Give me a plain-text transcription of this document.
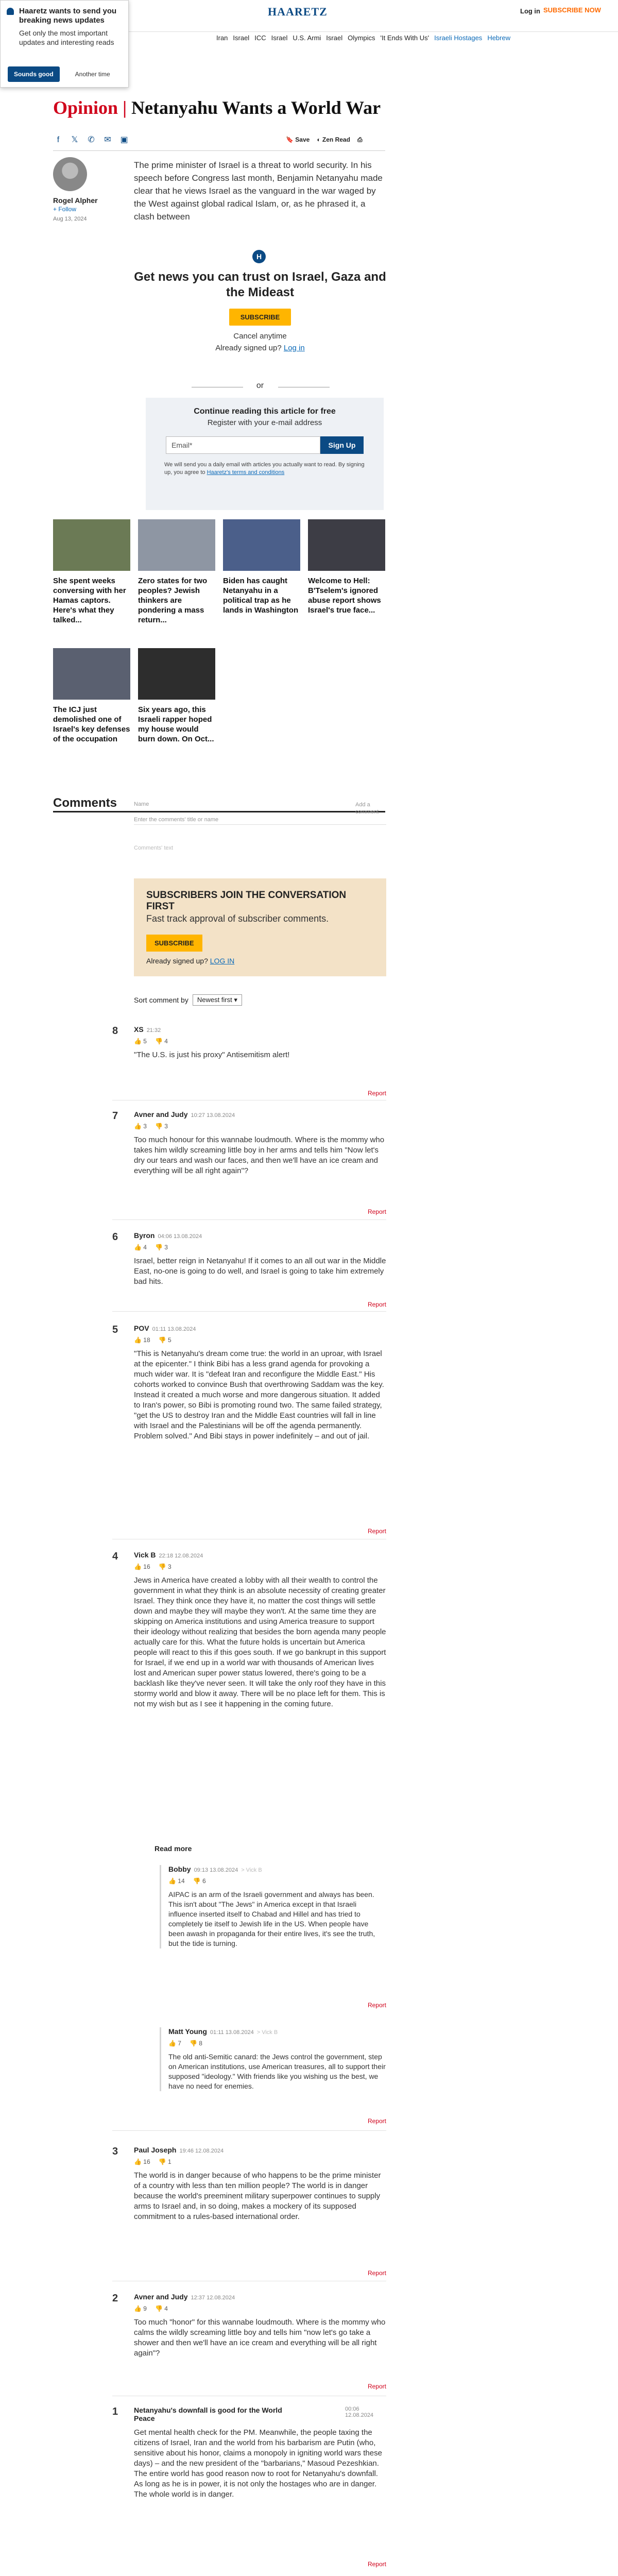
HAARETZ	Log in SUBSCRIBE NOW
Iran Israel ICC Israel U.S. Armi Israel Olympics 'It Ends With Us' Israeli Hostages Hebrew
Haaretz wants to send you breaking news updates
Get only the most important updates and interesting reads
Sounds good	Another time
Opinion | Netanyahu Wants a World War
f	𝕏 ✆ ✉ ▣	🔖 Save ◐ Zen Read ⎙
Rogel Alpher
+ Follow
Aug 13, 2024
The prime minister of Israel is a threat to world security. In his speech before Congress last month, Benjamin Netanyahu made clear that he views Israel as the vanguard in the war waged by the West against global radical Islam, or, as he phrased it, a clash between
H
Get news you can trust on Israel, Gaza and the Mideast
SUBSCRIBE
Cancel anytime
Already signed up? Log in
or
Continue reading this article for free
Register with your e-mail address
Email*	Sign Up
We will send you a daily email with articles you actually want to read. By signing up, you agree to Haaretz's terms and conditions
She spent weeks conversing with her Hamas captors. Here's what they talked...
Zero states for two peoples? Jewish thinkers are pondering a mass return...
Biden has caught Netanyahu in a political trap as he lands in Washington
Welcome to Hell: B'Tselem's ignored abuse report shows Israel's true face...
The ICJ just demolished one of Israel's key defenses of the occupation
Six years ago, this Israeli rapper hoped my house would burn down. On Oct...
Comments	Name	Add a comment
Enter the comments' title or name
Comments' text
SUBSCRIBERS JOIN THE CONVERSATION FIRST
Fast track approval of subscriber comments.
SUBSCRIBE
Already signed up? LOG IN
Sort comment by	Newest first ▾
8 XS 21:32
👍 5 👎 4
"The U.S. is just his proxy" Antisemitism alert!
Report
7 Avner and Judy 10:27 13.08.2024
👍 3 👎 3
Too much honour for this wannabe loudmouth. Where is the mommy who takes him wildly screaming little boy in her arms and tells him "Now let's dry our tears and wash our faces, and then we'll have an ice cream and everything will be all right again"?
Report
6 Byron 04:06 13.08.2024
👍 4 👎 3
Israel, better reign in Netanyahu! If it comes to an all out war in the Middle East, no-one is going to do well, and Israel is going to take him extremely bad hits.
Report
5 POV 01:11 13.08.2024
👍 18 👎 5
"This is Netanyahu's dream come true: the world in an uproar, with Israel at the epicenter." I think Bibi has a less grand agenda for provoking a much wider war. It is "defeat Iran and reconfigure the Middle East." His cohorts worked to convince Bush that overthrowing Saddam was the key. Instead it created a much worse and more dangerous situation. It added to Iran's power, so Bibi is promoting round two. The same failed strategy, "get the US to destroy Iran and the Middle East countries will fall in line with Israel and the Palestinians will be off the agenda permanently. Problem solved." And Bibi stays in power indefinitely – and out of jail.
Report
4 Vick B 22:18 12.08.2024
👍 16 👎 3
Jews in America have created a lobby with all their wealth to control the government in what they think is an absolute necessity of creating greater Israel. They think once they have it, no matter the cost things will settle down and maybe they will maybe they won't. At the same time they are skipping on America institutions and using America treasure to support their ideology without realizing that besides the born agenda many people actually care for this. What the future holds is uncertain but America people will react to this if this goes south. If we go bankrupt in this support for Israel, if we end up in a world war with thousands of American lives lost and American super power status lowered, there's going to be a backlash like they've never seen. It will take the only roof they have in this stormy world and blow it away. There will be no place left for them. This is not my wish but as I see it happening in the coming future.
Read more
Bobby 09:13 13.08.2024 > Vick B
👍 14 👎 6
AIPAC is an arm of the Israeli government and always has been. This isn't about "The Jews" in America except in that Israeli influence inserted itself to Chabad and Hillel and has tried to completely tie itself to Jewish life in the US. When people have been awash in propaganda for their entire lives, it's see the truth, but the tide is turning.
Report
Matt Young 01:11 13.08.2024 > Vick B
👍 7 👎 8
The old anti-Semitic canard: the Jews control the government, step on American institutions, use American treasures, all to support their supposed "ideology." With friends like you wishing us the best, we have no need for enemies.
Report
3 Paul Joseph 19:46 12.08.2024
👍 16 👎 1
The world is in danger because of who happens to be the prime minister of a country with less than ten million people? The world is in danger because the world's preeminent military superpower continues to supply arms to Israel and, in so doing, makes a mockery of its supposed commitment to a rules-based international order.
Report
2 Avner and Judy 12:37 12.08.2024
👍 9 👎 4
Too much "honor" for this wannabe loudmouth. Where is the mommy who calms the wildly screaming little boy and tells him "now let's go take a shower and then we'll have an ice cream and everything will be all right again"?
Report
1 Netanyahu's downfall is good for the World Peace
00:06 12.08.2024
Get mental health check for the PM. Meanwhile, the people taxing the citizens of Israel, Iran and the world from his barbarism are Putin (who, sensitive about his honor, claims a monopoly in igniting world wars these days) – and the new president of the "barbarians," Masoud Pezeshkian. The entire world has good reason now to root for Netanyahu's downfall. As long as he is in power, it is not only the hostages who are in danger. The whole world is in danger.
Report
